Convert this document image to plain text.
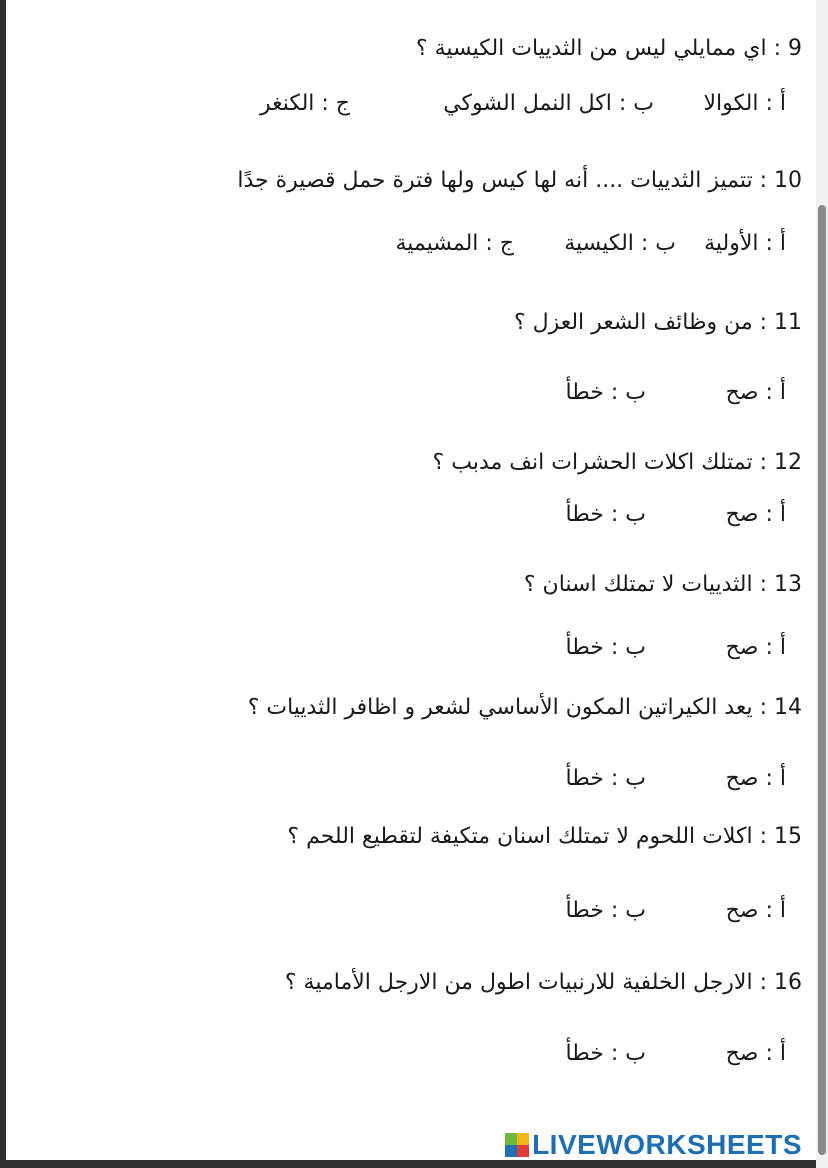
9 : اي ممايلي ليس من الثدييات الكيسية ؟
أ : الكوالا
ب : اكل النمل الشوكي
ج : الكنغر
10 : تتميز الثدييات .... أنه لها كيس ولها فترة حمل قصيرة جدًا
أ : الأولية
ب : الكيسية
ج : المشيمية
11 : من وظائف الشعر العزل ؟
أ : صح
ب : خطأ
12 : تمتلك اكلات الحشرات انف مدبب ؟
أ : صح
ب : خطأ
13 : الثدييات لا تمتلك اسنان ؟
أ : صح
ب : خطأ
14 : يعد الكيراتين المكون الأساسي لشعر و اظافر الثدييات ؟
أ : صح
ب : خطأ
15 : اكلات اللحوم لا تمتلك اسنان متكيفة لتقطيع اللحم ؟
أ : صح
ب : خطأ
16 : الارجل الخلفية للارنبيات اطول من الارجل الأمامية ؟
أ : صح
ب : خطأ
LIVEWORKSHEETS
